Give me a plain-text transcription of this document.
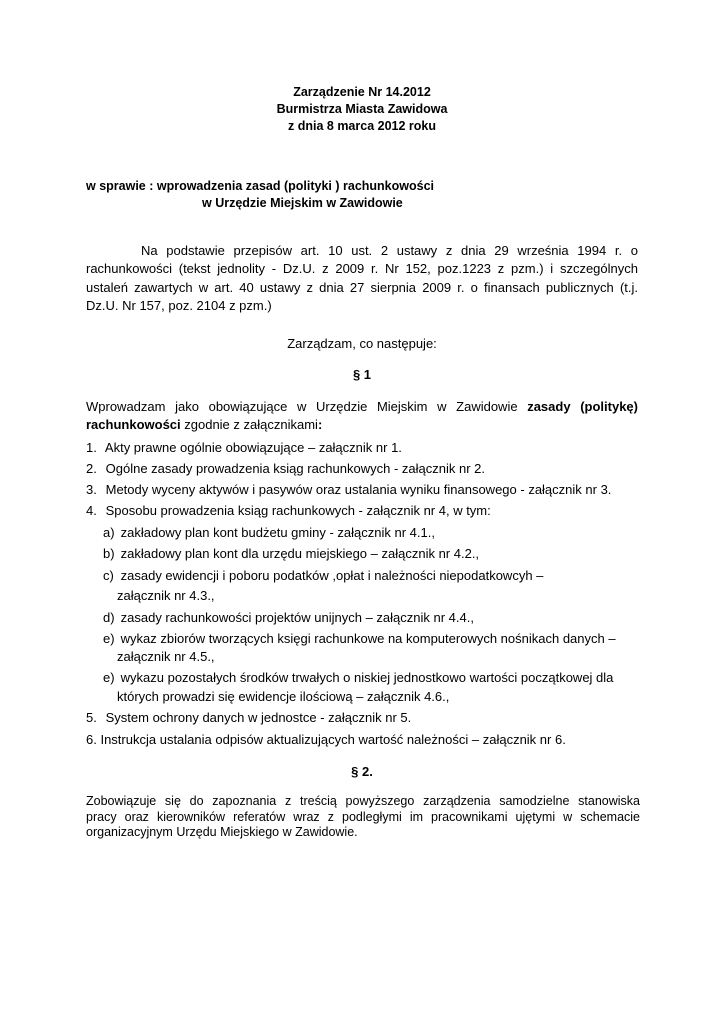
Zarządzenie Nr 14.2012
Burmistrza Miasta Zawidowa
z dnia 8 marca 2012 roku
w sprawie : wprowadzenia zasad (polityki ) rachunkowości
w Urzędzie Miejskim w Zawidowie
Na podstawie przepisów art. 10 ust. 2 ustawy z dnia 29 września 1994 r. o
rachunkowości (tekst jednolity - Dz.U. z 2009 r. Nr 152, poz.1223 z pzm.) i szczególnych
ustaleń zawartych w art. 40 ustawy z dnia 27 sierpnia 2009 r. o finansach publicznych (t.j.
Dz.U. Nr 157, poz. 2104 z pzm.)
Zarządzam, co następuje:
§ 1
Wprowadzam jako obowiązujące w Urzędzie Miejskim w Zawidowie zasady (politykę)
rachunkowości zgodnie z załącznikami:
1. Akty prawne ogólnie obowiązujące – załącznik nr 1.
2. Ogólne zasady prowadzenia ksiąg rachunkowych - załącznik nr 2.
3. Metody wyceny aktywów i pasywów oraz ustalania wyniku finansowego - załącznik nr 3.
4. Sposobu prowadzenia ksiąg rachunkowych - załącznik nr 4, w tym:
a) zakładowy plan kont budżetu gminy - załącznik nr 4.1.,
b) zakładowy plan kont dla urzędu miejskiego – załącznik nr 4.2.,
c) zasady ewidencji i poboru podatków ,opłat i należności niepodatkowcyh –
załącznik nr 4.3.,
d) zasady rachunkowości projektów unijnych – załącznik nr 4.4.,
e) wykaz zbiorów tworzących księgi rachunkowe na komputerowych nośnikach danych –
załącznik nr 4.5.,
e) wykazu pozostałych środków trwałych o niskiej jednostkowo wartości początkowej dla
których prowadzi się ewidencje ilościową – załącznik 4.6.,
5. System ochrony danych w jednostce - załącznik nr 5.
6. Instrukcja ustalania odpisów aktualizujących wartość należności – załącznik nr 6.
§ 2.
Zobowiązuje się do zapoznania z treścią powyższego zarządzenia samodzielne stanowiska
pracy oraz kierowników referatów wraz z podległymi im pracownikami ujętymi w schemacie
organizacyjnym Urzędu Miejskiego w Zawidowie.
